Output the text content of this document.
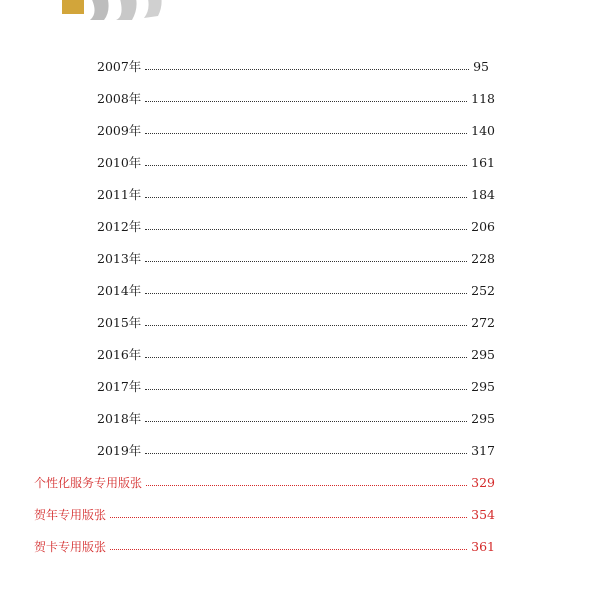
2007年	95
2008年	118
2009年	140
2010年	161
2011年	184
2012年	206
2013年	228
2014年	252
2015年	272
2016年	295
2017年	295
2018年	295
2019年	317
个性化服务专用版张	329
贺年专用版张	354
贺卡专用版张	361
